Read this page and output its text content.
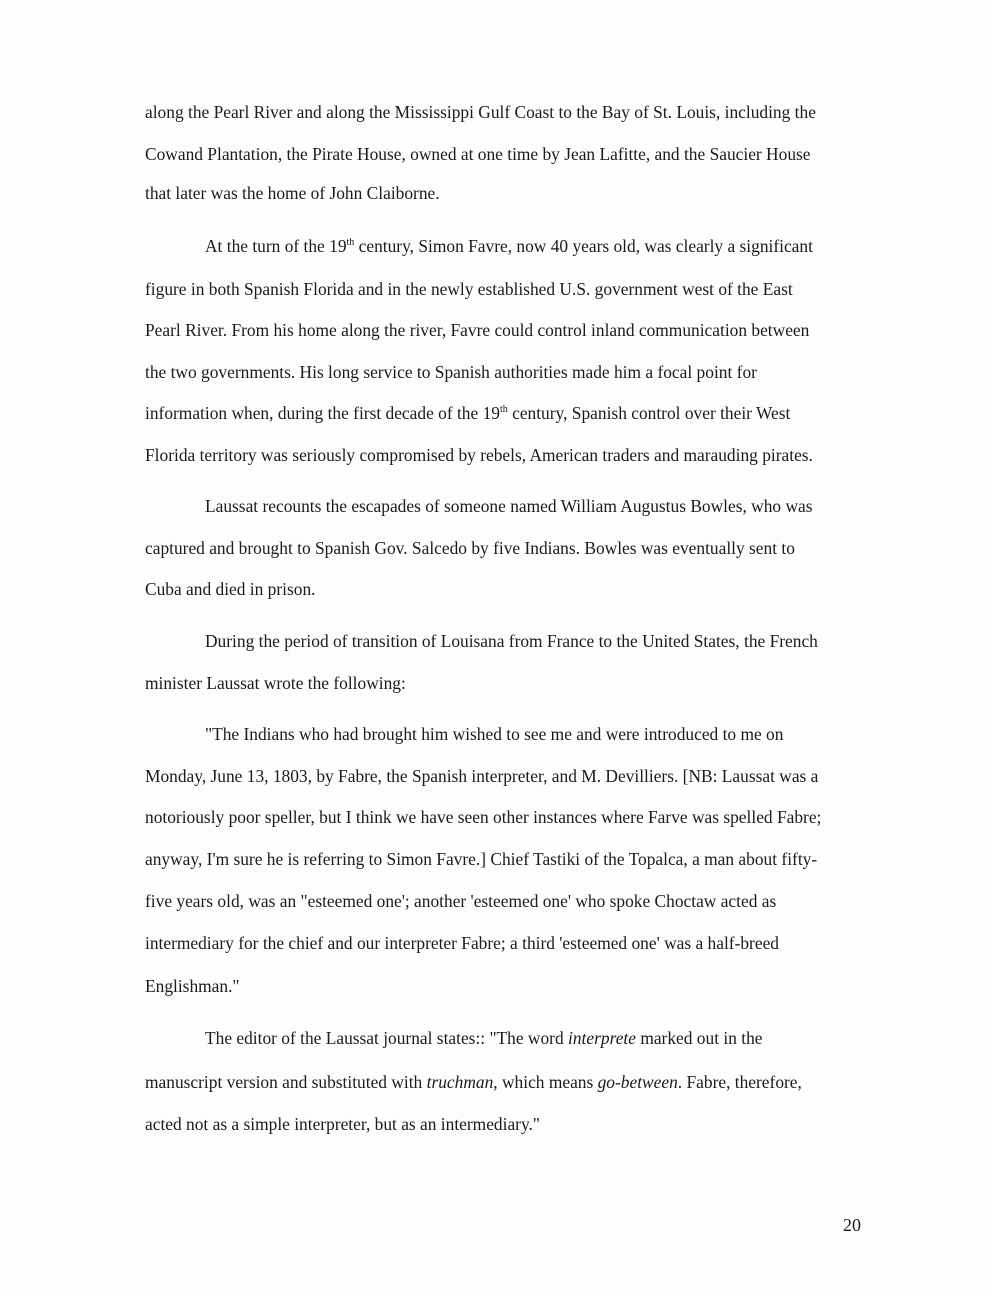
along the Pearl River and along the Mississippi Gulf Coast to the Bay of St. Louis, including the
Cowand Plantation, the Pirate House, owned at one time by Jean Lafitte, and the Saucier House
that later was the home of John Claiborne.
At the turn of the 19th century, Simon Favre, now 40 years old, was clearly a significant
figure in both Spanish Florida and in the newly established U.S. government west of the East
Pearl River. From his home along the river, Favre could control inland communication between
the two governments. His long service to Spanish authorities made him a focal point for
information when, during the first decade of the 19th century, Spanish control over their West
Florida territory was seriously compromised by rebels, American traders and marauding pirates.
Laussat recounts the escapades of someone named William Augustus Bowles, who was
captured and brought to Spanish Gov. Salcedo by five Indians. Bowles was eventually sent to
Cuba and died in prison.
During the period of transition of Louisana from France to the United States, the French
minister Laussat wrote the following:
"The Indians who had brought him wished to see me and were introduced to me on
Monday, June 13, 1803, by Fabre, the Spanish interpreter, and M. Devilliers. [NB: Laussat was a
notoriously poor speller, but I think we have seen other instances where Farve was spelled Fabre;
anyway, I'm sure he is referring to Simon Favre.] Chief Tastiki of the Topalca, a man about fifty-
five years old, was an "esteemed one'; another 'esteemed one' who spoke Choctaw acted as
intermediary for the chief and our interpreter Fabre; a third 'esteemed one' was a half-breed
Englishman."
The editor of the Laussat journal states:: "The word interprete marked out in the
manuscript version and substituted with truchman, which means go-between. Fabre, therefore,
acted not as a simple interpreter, but as an intermediary."
20
